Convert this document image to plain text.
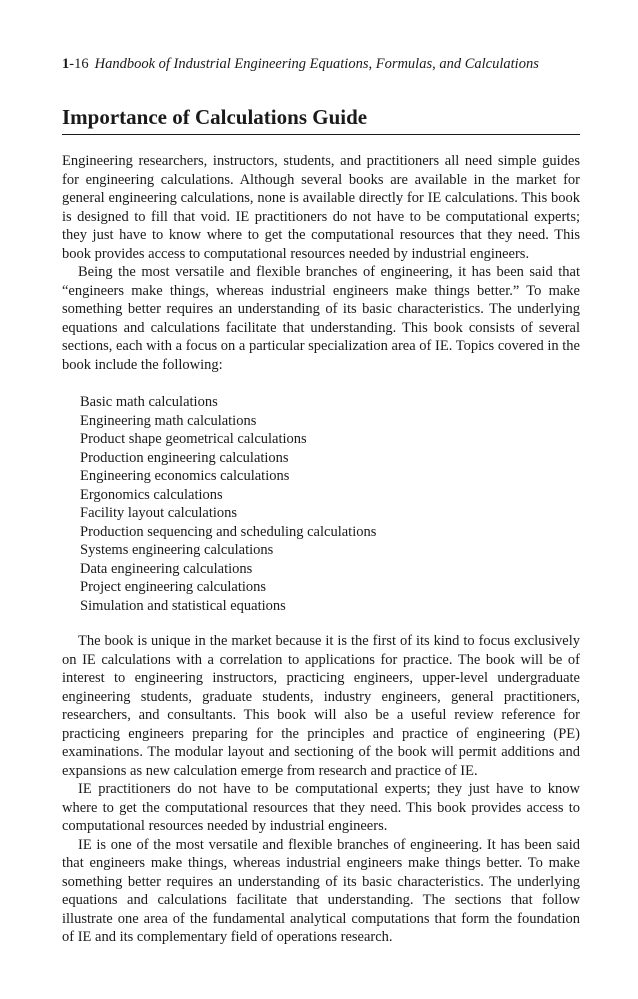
1-16 Handbook of Industrial Engineering Equations, Formulas, and Calculations
Importance of Calculations Guide

Engineering researchers, instructors, students, and practitioners all need simple guides for engineering calculations. Although several books are available in the market for general engineering calculations, none is available directly for IE calculations. This book is designed to fill that void. IE practitioners do not have to be computational experts; they just have to know where to get the computational resources that they need. This book provides access to computational resources needed by industrial engineers.

Being the most versatile and flexible branches of engineering, it has been said that “engineers make things, whereas industrial engineers make things better.” To make something better requires an understanding of its basic characteristics. The underlying equations and calculations facilitate that understanding. This book consists of several sections, each with a focus on a particular specialization area of IE. Topics covered in the book include the following:

Basic math calculations
Engineering math calculations
Product shape geometrical calculations
Production engineering calculations
Engineering economics calculations
Ergonomics calculations
Facility layout calculations
Production sequencing and scheduling calculations
Systems engineering calculations
Data engineering calculations
Project engineering calculations
Simulation and statistical equations

The book is unique in the market because it is the first of its kind to focus exclusively on IE calculations with a correlation to applications for practice. The book will be of interest to engineering instructors, practicing engineers, upper-level undergraduate engineering students, graduate students, industry engineers, general practitioners, researchers, and consultants. This book will also be a useful review reference for practicing engineers preparing for the principles and practice of engineering (PE) examinations. The modular layout and sectioning of the book will permit additions and expansions as new calculation emerge from research and practice of IE.

IE practitioners do not have to be computational experts; they just have to know where to get the computational resources that they need. This book provides access to computational resources needed by industrial engineers.

IE is one of the most versatile and flexible branches of engineering. It has been said that engineers make things, whereas industrial engineers make things better. To make something better requires an understanding of its basic characteristics. The underlying equations and calculations facilitate that understanding. The sections that follow illustrate one area of the fundamental analytical computations that form the foundation of IE and its complementary field of operations research.
